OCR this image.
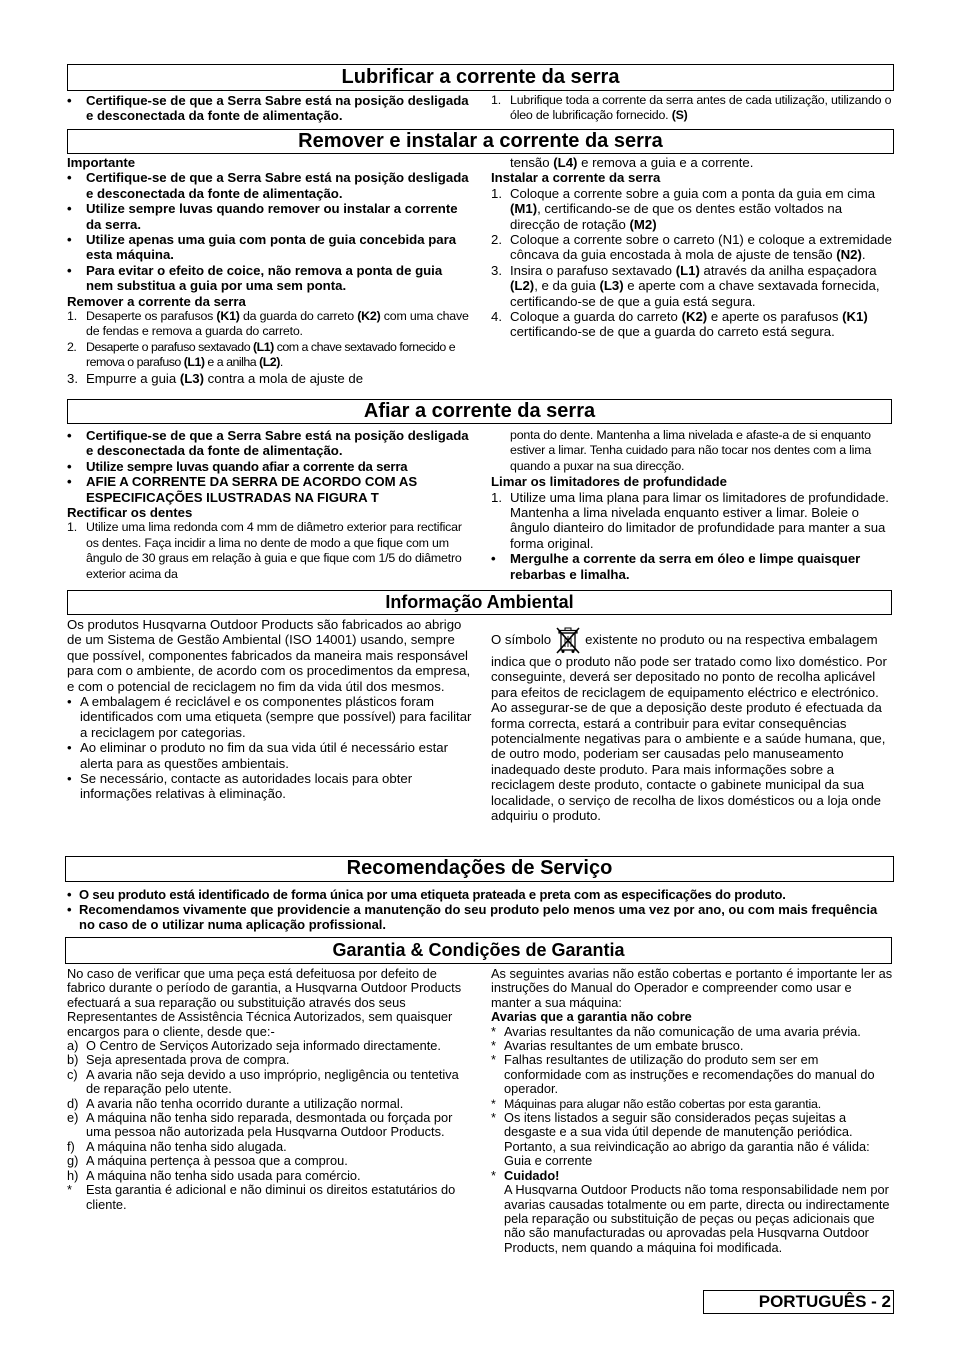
Lubrificar a corrente da serra
• Certifique-se de que a Serra Sabre está na posição desligada e desconectada da fonte de alimentação.
1. Lubrifique toda a corrente da serra antes de cada utilização, utilizando o óleo de lubrificação fornecido. (S)
Remover e instalar a corrente da serra
Importante
• Certifique-se de que a Serra Sabre está na posição desligada e desconectada da fonte de alimentação.
• Utilize sempre luvas quando remover ou instalar a corrente da serra.
• Utilize apenas uma guia com ponta de guia concebida para esta máquina.
• Para evitar o efeito de coice, não remova a ponta de guia nem substitua a guia por uma sem ponta.
Remover a corrente da serra
1. Desaperte os parafusos (K1) da guarda do carreto (K2) com uma chave de fendas e remova a guarda do carreto.
2. Desaperte o parafuso sextavado (L1) com a chave sextavado fornecido e remova o parafuso (L1) e a anilha (L2).
3. Empurre a guia (L3) contra a mola de ajuste de
tensão (L4) e remova a guia e a corrente.
Instalar a corrente da serra
1. Coloque a corrente sobre a guia com a ponta da guia em cima (M1), certificando-se de que os dentes estão voltados na direcção de rotação (M2)
2. Coloque a corrente sobre o carreto (N1) e coloque a extremidade côncava da guia encostada à mola de ajuste de tensão (N2).
3. Insira o parafuso sextavado (L1) através da anilha espaçadora (L2), e da guia (L3) e aperte com a chave sextavada fornecida, certificando-se de que a guia está segura.
4. Coloque a guarda do carreto (K2) e aperte os parafusos (K1) certificando-se de que a guarda do carreto está segura.
Afiar a corrente da serra
• Certifique-se de que a Serra Sabre está na posição desligada e desconectada da fonte de alimentação.
• Utilize sempre luvas quando afiar a corrente da serra
• AFIE A CORRENTE DA SERRA DE ACORDO COM AS ESPECIFICAÇÕES ILUSTRADAS NA FIGURA T
Rectificar os dentes
1. Utilize uma lima redonda com 4 mm de diâmetro exterior para rectificar os dentes. Faça incidir a lima no dente de modo a que fique com um ângulo de 30 graus em relação à guia e que fique com 1/5 do diâmetro exterior acima da
ponta do dente. Mantenha a lima nivelada e afaste-a de si enquanto estiver a limar. Tenha cuidado para não tocar nos dentes com a lima quando a puxar na sua direcção.
Limar os limitadores de profundidade
1. Utilize uma lima plana para limar os limitadores de profundidade. Mantenha a lima nivelada enquanto estiver a limar. Boleie o ângulo dianteiro do limitador de profundidade para manter a sua forma original.
• Mergulhe a corrente da serra em óleo e limpe quaisquer rebarbas e limalha.
Informação Ambiental
Os produtos Husqvarna Outdoor Products são fabricados ao abrigo de um Sistema de Gestão Ambiental (ISO 14001) usando, sempre que possível, componentes fabricados da maneira mais responsável para com o ambiente, de acordo com os procedimentos da empresa, e com o potencial de reciclagem no fim da vida útil dos mesmos.
• A embalagem é reciclável e os componentes plásticos foram identificados com uma etiqueta (sempre que possível) para facilitar a reciclagem por categorias.
• Ao eliminar o produto no fim da sua vida útil é necessário estar alerta para as questões ambientais.
• Se necessário, contacte as autoridades locais para obter informações relativas à eliminação.
O símbolo	existente no produto ou na respectiva embalagem indica que o produto não pode ser tratado como lixo doméstico. Por conseguinte, deverá ser depositado no ponto de recolha aplicável para efeitos de reciclagem de equipamento eléctrico e electrónico. Ao assegurar-se de que a deposição deste produto é efectuada da forma correcta, estará a contribuir para evitar consequências potencialmente negativas para o ambiente e a saúde humana, que, de outro modo, poderiam ser causadas pelo manuseamento inadequado deste produto. Para mais informações sobre a reciclagem deste produto, contacte o gabinete municipal da sua localidade, o serviço de recolha de lixos domésticos ou a loja onde adquiriu o produto.
Recomendações de Serviço
• O seu produto está identificado de forma única por uma etiqueta prateada e preta com as especificações do produto.
• Recomendamos vivamente que providencie a manutenção do seu produto pelo menos uma vez por ano, ou com mais frequência no caso de o utilizar numa aplicação profissional.
Garantia & Condições de Garantia
No caso de verificar que uma peça está defeituosa por defeito de fabrico durante o período de garantia, a Husqvarna Outdoor Products efectuará a sua reparação ou substituição através dos seus Representantes de Assistência Técnica Autorizados, sem quaisquer encargos para o cliente, desde que:-
a) O Centro de Serviços Autorizado seja informado directamente.
b) Seja apresentada prova de compra.
c) A avaria não seja devido a uso impróprio, negligência ou tentetiva de reparação pelo utente.
d) A avaria não tenha ocorrido durante a utilização normal.
e) A máquina não tenha sido reparada, desmontada ou forçada por uma pessoa não autorizada pela Husqvarna Outdoor Products.
f) A máquina não tenha sido alugada.
g) A máquina pertença à pessoa que a comprou.
h) A máquina não tenha sido usada para comércio.
* Esta garantia é adicional e não diminui os direitos estatutários do cliente.
As seguintes avarias não estão cobertas e portanto é importante ler as instruções do Manual do Operador e compreender como usar e manter a sua máquina:
Avarias que a garantia não cobre
* Avarias resultantes da não comunicação de uma avaria prévia.
* Avarias resultantes de um embate brusco.
* Falhas resultantes de utilização do produto sem ser em conformidade com as instruções e recomendações do manual do operador.
* Máquinas para alugar não estão cobertas por esta garantia.
* Os itens listados a seguir são considerados peças sujeitas a desgaste e a sua vida útil depende de manutenção periódica. Portanto, a sua reivindicação ao abrigo da garantia não é válida: Guia e corrente
* Cuidado!
A Husqvarna Outdoor Products não toma responsabilidade nem por avarias causadas totalmente ou em parte, directa ou indirectamente pela reparação ou substituição de peças ou peças adicionais que não são manufacturadas ou aprovadas pela Husqvarna Outdoor Products, nem quando a máquina foi modificada.
PORTUGUÊS - 2
